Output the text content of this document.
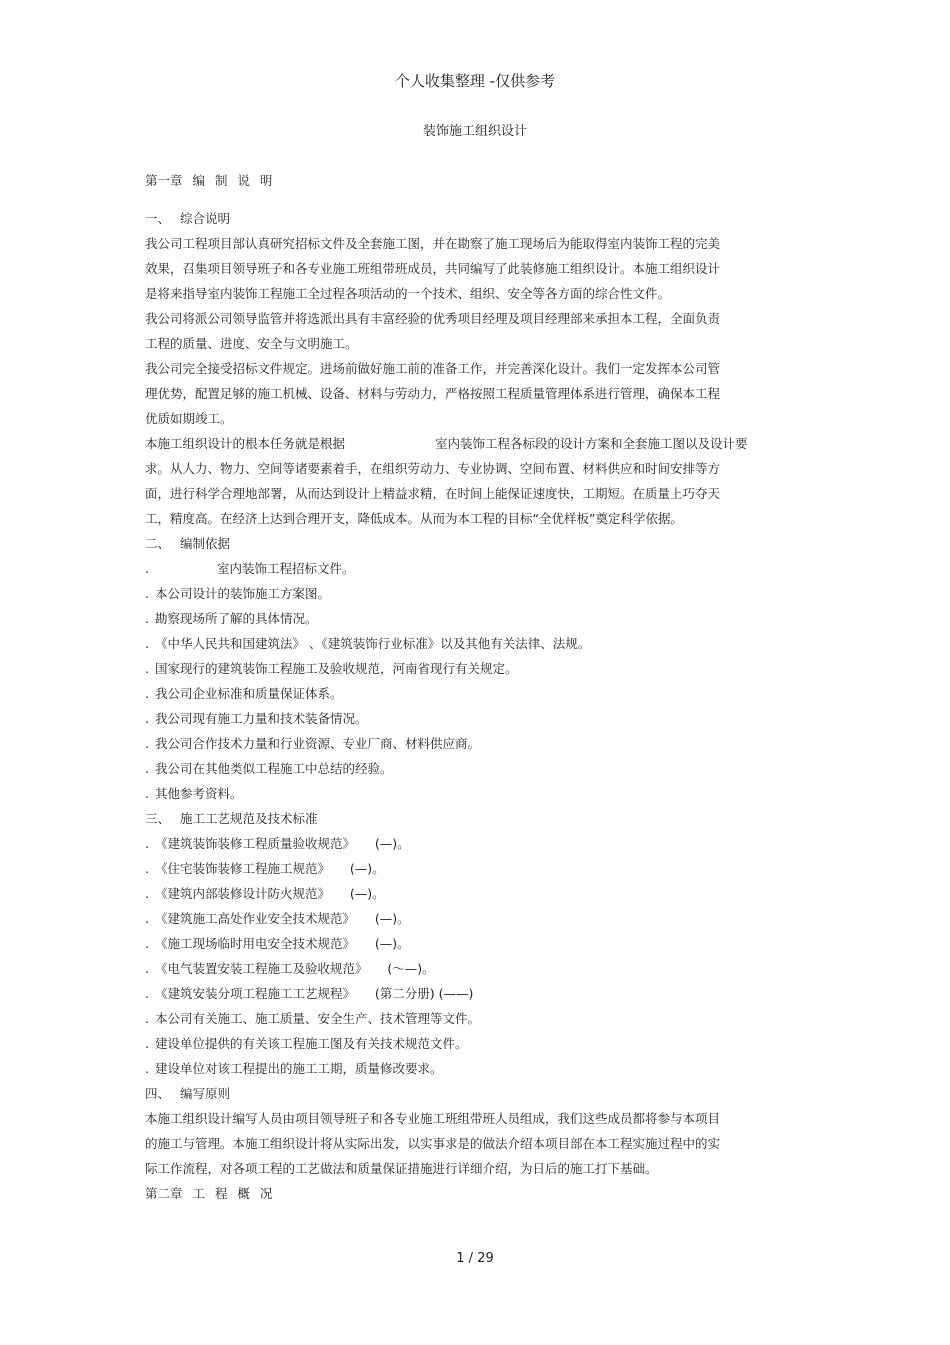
个人收集整理 -仅供参考
装饰施工组织设计
第一章 编 制 说 明
一、 综合说明
我公司工程项目部认真研究招标文件及全套施工图，并在勘察了施工现场后为能取得室内装饰工程的完美
效果，召集项目领导班子和各专业施工班组带班成员，共同编写了此装修施工组织设计。本施工组织设计
是将来指导室内装饰工程施工全过程各项活动的一个技术、组织、安全等各方面的综合性文件。
我公司将派公司领导监管并将选派出具有丰富经验的优秀项目经理及项目经理部来承担本工程，全面负责
工程的质量、进度、安全与文明施工。
我公司完全接受招标文件规定。进场前做好施工前的准备工作，并完善深化设计。我们一定发挥本公司管
理优势，配置足够的施工机械、设备、材料与劳动力，严格按照工程质量管理体系进行管理，确保本工程
优质如期竣工。
本施工组织设计的根本任务就是根据	室内装饰工程各标段的设计方案和全套施工图以及设计要
求。从人力、物力、空间等诸要素着手，在组织劳动力、专业协调、空间布置、材料供应和时间安排等方
面，进行科学合理地部署，从而达到设计上精益求精，在时间上能保证速度快，工期短。在质量上巧夺天
工，精度高。在经济上达到合理开支，降低成本。从而为本工程的目标“全优样板”奠定科学依据。
二、 编制依据
.	室内装饰工程招标文件。
. 本公司设计的装饰施工方案图。
. 勘察现场所了解的具体情况。
. 《中华人民共和国建筑法》 、《建筑装饰行业标准》以及其他有关法律、法规。
. 国家现行的建筑装饰工程施工及验收规范，河南省现行有关规定。
. 我公司企业标准和质量保证体系。
. 我公司现有施工力量和技术装备情况。
. 我公司合作技术力量和行业资源、专业厂商、材料供应商。
. 我公司在其他类似工程施工中总结的经验。
. 其他参考资料。
三、 施工工艺规范及技术标准
. 《建筑装饰装修工程质量验收规范》 (—)。
. 《住宅装饰装修工程施工规范》 (—)。
. 《建筑内部装修设计防火规范》 (—)。
. 《建筑施工高处作业安全技术规范》 (—)。
. 《施工现场临时用电安全技术规范》 (—)。
. 《电气装置安装工程施工及验收规范》 (～—)。
. 《建筑安装分项工程施工工艺规程》 (第二分册) (——)
. 本公司有关施工、施工质量、安全生产、技术管理等文件。
. 建设单位提供的有关该工程施工图及有关技术规范文件。
. 建设单位对该工程提出的施工工期，质量修改要求。
四、 编写原则
本施工组织设计编写人员由项目领导班子和各专业施工班组带班人员组成，我们这些成员都将参与本项目
的施工与管理。本施工组织设计将从实际出发，以实事求是的做法介绍本项目部在本工程实施过程中的实
际工作流程，对各项工程的工艺做法和质量保证措施进行详细介绍，为日后的施工打下基础。
第二章 工 程 概 况
1 / 29
